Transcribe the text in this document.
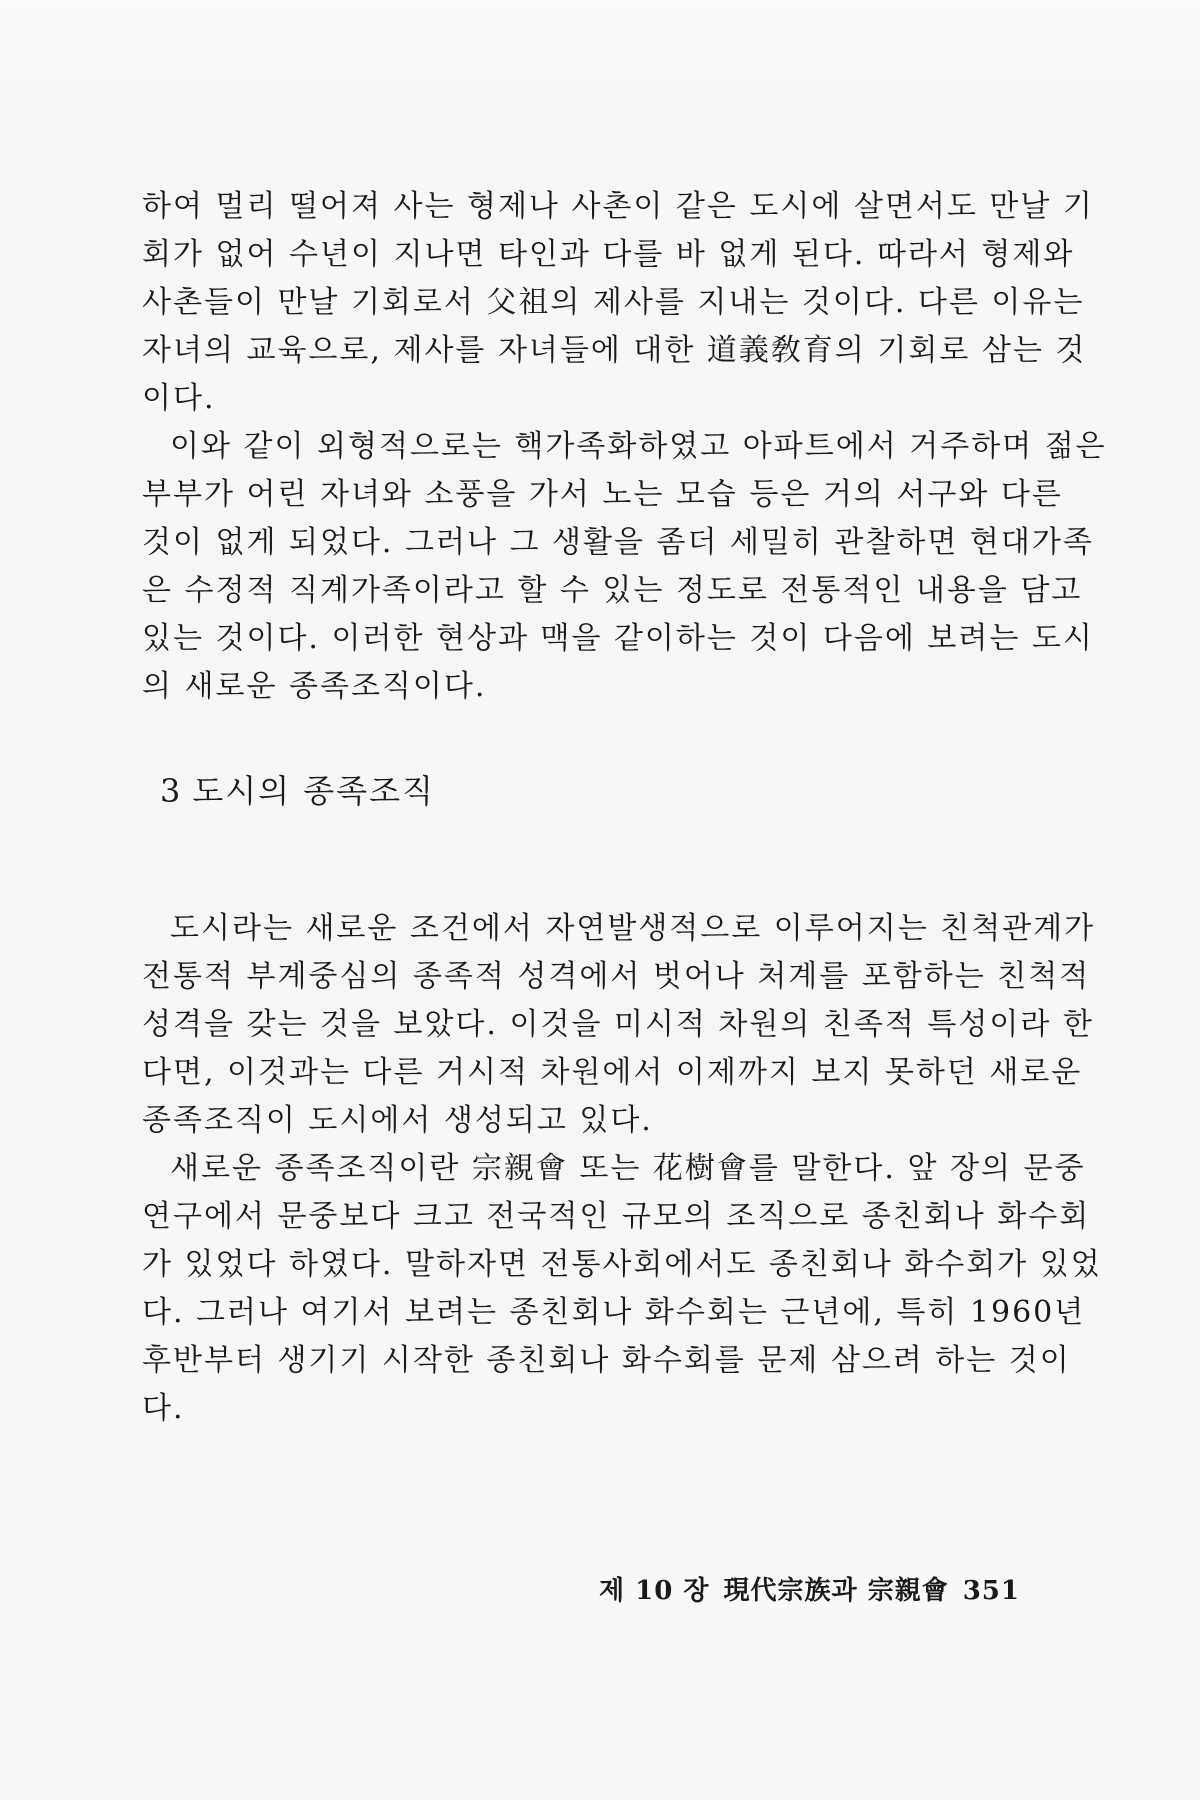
하여 멀리 떨어져 사는 형제나 사촌이 같은 도시에 살면서도 만날 기
회가 없어 수년이 지나면 타인과 다를 바 없게 된다. 따라서 형제와
사촌들이 만날 기회로서 父祖의 제사를 지내는 것이다. 다른 이유는
자녀의 교육으로, 제사를 자녀들에 대한 道義敎育의 기회로 삼는 것
이다.
이와 같이 외형적으로는 핵가족화하였고 아파트에서 거주하며 젊은
부부가 어린 자녀와 소풍을 가서 노는 모습 등은 거의 서구와 다른
것이 없게 되었다. 그러나 그 생활을 좀더 세밀히 관찰하면 현대가족
은 수정적 직계가족이라고 할 수 있는 정도로 전통적인 내용을 담고
있는 것이다. 이러한 현상과 맥을 같이하는 것이 다음에 보려는 도시
의 새로운 종족조직이다.
3 도시의 종족조직
도시라는 새로운 조건에서 자연발생적으로 이루어지는 친척관계가
전통적 부계중심의 종족적 성격에서 벗어나 처계를 포함하는 친척적
성격을 갖는 것을 보았다. 이것을 미시적 차원의 친족적 특성이라 한
다면, 이것과는 다른 거시적 차원에서 이제까지 보지 못하던 새로운
종족조직이 도시에서 생성되고 있다.
새로운 종족조직이란 宗親會 또는 花樹會를 말한다. 앞 장의 문중
연구에서 문중보다 크고 전국적인 규모의 조직으로 종친회나 화수회
가 있었다 하였다. 말하자면 전통사회에서도 종친회나 화수회가 있었
다. 그러나 여기서 보려는 종친회나 화수회는 근년에, 특히 1960년
후반부터 생기기 시작한 종친회나 화수회를 문제 삼으려 하는 것이
다.
제 10 장 現代宗族과 宗親會 351
